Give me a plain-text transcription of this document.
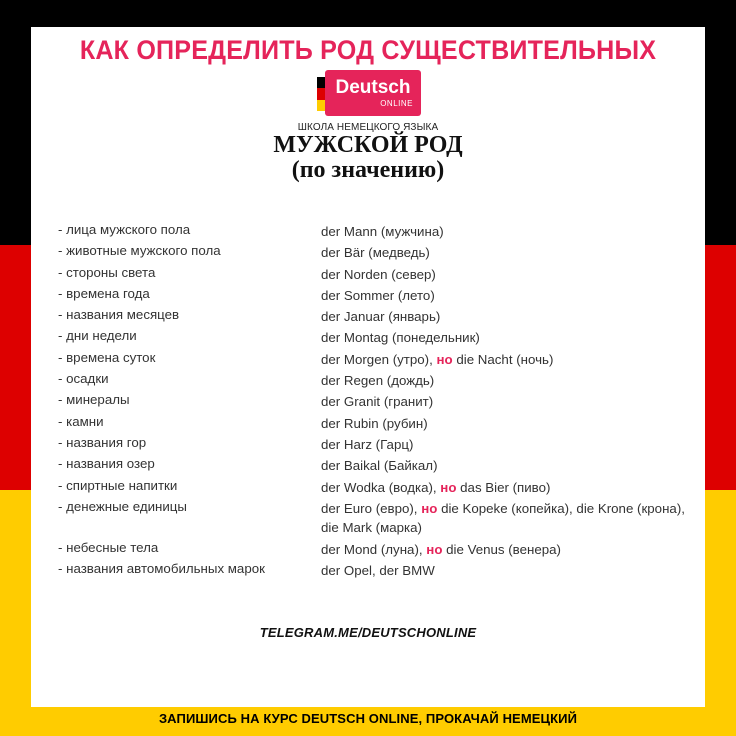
КАК ОПРЕДЕЛИТЬ РОД СУЩЕСТВИТЕЛЬНЫХ
Deutsch
ONLINE
ШКОЛА НЕМЕЦКОГО ЯЗЫКА
МУЖСКОЙ РОД
(по значению)
- лица мужского пола	der Mann (мужчина)
- животные мужского пола	der Bär (медведь)
- стороны света	der Norden (север)
- времена года	der Sommer (лето)
- названия месяцев	der Januar (январь)
- дни недели	der Montag (понедельник)
- времена суток	der Morgen (утро), но die Nacht (ночь)
- осадки	der Regen (дождь)
- минералы	der Granit (гранит)
- камни	der Rubin (рубин)
- названия гор	der Harz (Гарц)
- названия озер	der Baikal (Байкал)
- спиртные напитки	der Wodka (водка), но das Bier (пиво)
- денежные единицы	der Euro (евро), но die Kopeke (копейка), die Krone (крона), die Mark (марка)
- небесные тела	der Mond (луна), но die Venus (венера)
- названия автомобильных марок	der Opel, der BMW
TELEGRAM.ME/DEUTSCHONLINE
ЗАПИШИСЬ НА КУРС DEUTSCH ONLINE, ПРОКАЧАЙ НЕМЕЦКИЙ
